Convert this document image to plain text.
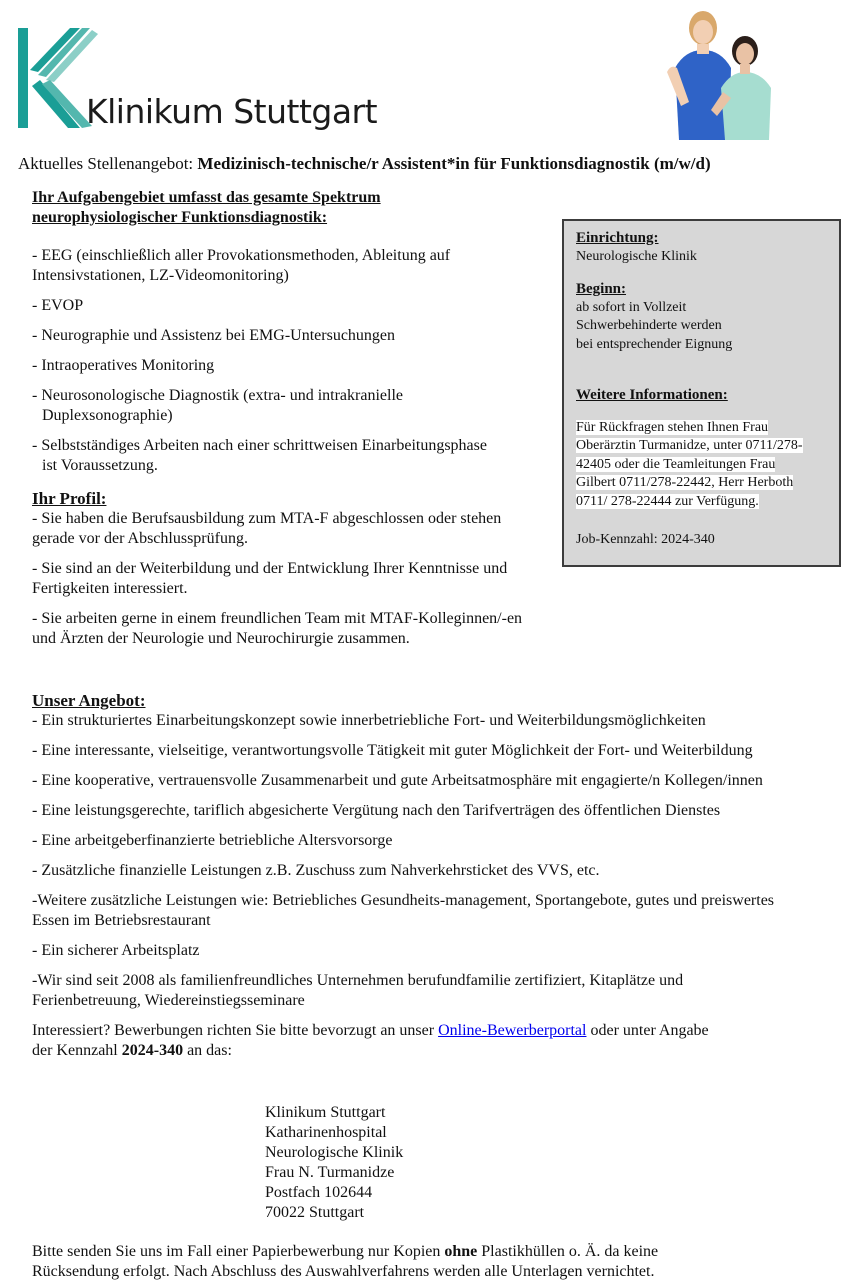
Klinikum Stuttgart
Aktuelles Stellenangebot: Medizinisch-technische/r Assistent*in für Funktionsdiagnostik (m/w/d)
Ihr Aufgabengebiet umfasst das gesamte Spektrum
neurophysiologischer Funktionsdiagnostik:

- EEG (einschließlich aller Provokationsmethoden, Ableitung auf Intensivstationen, LZ-Videomonitoring)

- EVOP

- Neurographie und Assistenz bei EMG-Untersuchungen

- Intraoperatives Monitoring

- Neurosonologische Diagnostik (extra- und intrakranielle

Duplexsonographie)

- Selbstständiges Arbeiten nach einer schrittweisen Einarbeitungsphase

ist Voraussetzung.

Ihr Profil:

- Sie haben die Berufsausbildung zum MTA-F abgeschlossen oder stehen gerade vor der Abschlussprüfung.

- Sie sind an der Weiterbildung und der Entwicklung Ihrer Kenntnisse und Fertigkeiten interessiert.

- Sie arbeiten gerne in einem freundlichen Team mit MTAF-Kolleginnen/-en und Ärzten der Neurologie und Neurochirurgie zusammen.

Einrichtung:
Neurologische Klinik
Beginn:
ab sofort in Vollzeit
Schwerbehinderte werden
bei entsprechender Eignung
Weitere Informationen:
Für Rückfragen stehen Ihnen Frau
Oberärztin Turmanidze, unter 0711/278-
42405 oder die Teamleitungen Frau
Gilbert 0711/278-22442, Herr Herboth
0711/ 278-22444 zur Verfügung.
Job-Kennzahl: 2024-340
Unser Angebot:

- Ein strukturiertes Einarbeitungskonzept sowie innerbetriebliche Fort- und Weiterbildungsmöglichkeiten

- Eine interessante, vielseitige, verantwortungsvolle Tätigkeit mit guter Möglichkeit der Fort- und Weiterbildung

- Eine kooperative, vertrauensvolle Zusammenarbeit und gute Arbeitsatmosphäre mit engagierte/n Kollegen/innen

- Eine leistungsgerechte, tariflich abgesicherte Vergütung nach den Tarifverträgen des öffentlichen Dienstes

- Eine arbeitgeberfinanzierte betriebliche Altersvorsorge

- Zusätzliche finanzielle Leistungen z.B. Zuschuss zum Nahverkehrsticket des VVS, etc.

-Weitere zusätzliche Leistungen wie: Betriebliches Gesundheits-management, Sportangebote, gutes und preiswertes Essen im Betriebsrestaurant

- Ein sicherer Arbeitsplatz

-Wir sind seit 2008 als familienfreundliches Unternehmen berufundfamilie zertifiziert, Kitaplätze und Ferienbetreuung, Wiedereinstiegsseminare

Interessiert? Bewerbungen richten Sie bitte bevorzugt an unser Online-Bewerberportal oder unter Angabe
der Kennzahl 2024-340 an das:

Klinikum Stuttgart
Katharinenhospital
Neurologische Klinik
Frau N. Turmanidze
Postfach 102644
70022 Stuttgart
Bitte senden Sie uns im Fall einer Papierbewerbung nur Kopien ohne Plastikhüllen o. Ä. da keine
Rücksendung erfolgt. Nach Abschluss des Auswahlverfahrens werden alle Unterlagen vernichtet.
